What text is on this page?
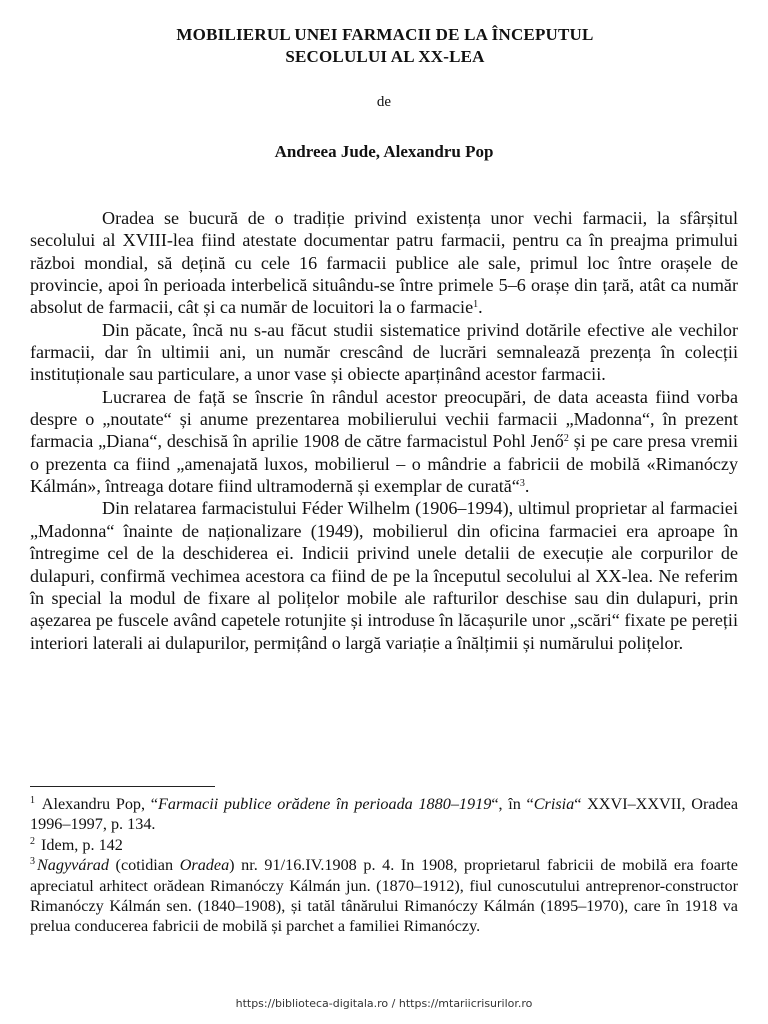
MOBILIERUL UNEI FARMACII DE LA ÎNCEPUTUL
SECOLULUI AL XX-LEA
de
Andreea Jude, Alexandru Pop

Oradea se bucură de o tradiție privind existența unor vechi farmacii, la sfârșitul secolului al XVIII-lea fiind atestate documentar patru farmacii, pentru ca în preajma primului război mondial, să dețină cu cele 16 farmacii publice ale sale, primul loc între orașele de provincie, apoi în perioada interbelică situându-se între primele 5–6 orașe din țară, atât ca număr absolut de farmacii, cât și ca număr de locuitori la o farmacie$^1$.

Din păcate, încă nu s-au făcut studii sistematice privind dotările efective ale vechilor farmacii, dar în ultimii ani, un număr crescând de lucrări semnalează prezența în colecții instituționale sau particulare, a unor vase și obiecte aparținând acestor farmacii.

Lucrarea de față se înscrie în rândul acestor preocupări, de data aceasta fiind vorba despre o „noutate“ și anume prezentarea mobilierului vechii farmacii „Madonna“, în prezent farmacia „Diana“, deschisă în aprilie 1908 de către farmacistul Pohl Jenő$^2$ și pe care presa vremii o prezenta ca fiind „amenajată luxos, mobilierul – o mândrie a fabricii de mobilă «Rimanóczy Kálmán», întreaga dotare fiind ultramodernă și exemplar de curată“$^3$.

Din relatarea farmacistului Féder Wilhelm (1906–1994), ultimul proprietar al farmaciei „Madonna“ înainte de naționalizare (1949), mobilierul din oficina farmaciei era aproape în întregime cel de la deschiderea ei. Indicii privind unele detalii de execuție ale corpurilor de dulapuri, confirmă vechimea acestora ca fiind de pe la începutul secolului al XX-lea. Ne referim în special la modul de fixare al polițelor mobile ale rafturilor deschise sau din dulapuri, prin așezarea pe fuscele având capetele rotunjite și introduse în lăcașurile unor „scări“ fixate pe pereții interiori laterali ai dulapurilor, permițând o largă variație a înălțimii și numărului polițelor.

$^1$ Alexandru Pop, “Farmacii publice orădene în perioada 1880–1919“, în “Crisia“ XXVI–XXVII, Oradea 1996–1997, p. 134.

$^2$ Idem, p. 142

$^3$ Nagyvárad (cotidian Oradea) nr. 91/16.IV.1908 p. 4. In 1908, proprietarul fabricii de mobilă era foarte apreciatul arhitect orădean Rimanóczy Kálmán jun. (1870–1912), fiul cunoscutului antreprenor-constructor Rimanóczy Kálmán sen. (1840–1908), și tatăl tânărului Rimanóczy Kálmán (1895–1970), care în 1918 va prelua conducerea fabricii de mobilă și parchet a familiei Rimanóczy.

https://biblioteca-digitala.ro / https://mtariicrisurilor.ro
